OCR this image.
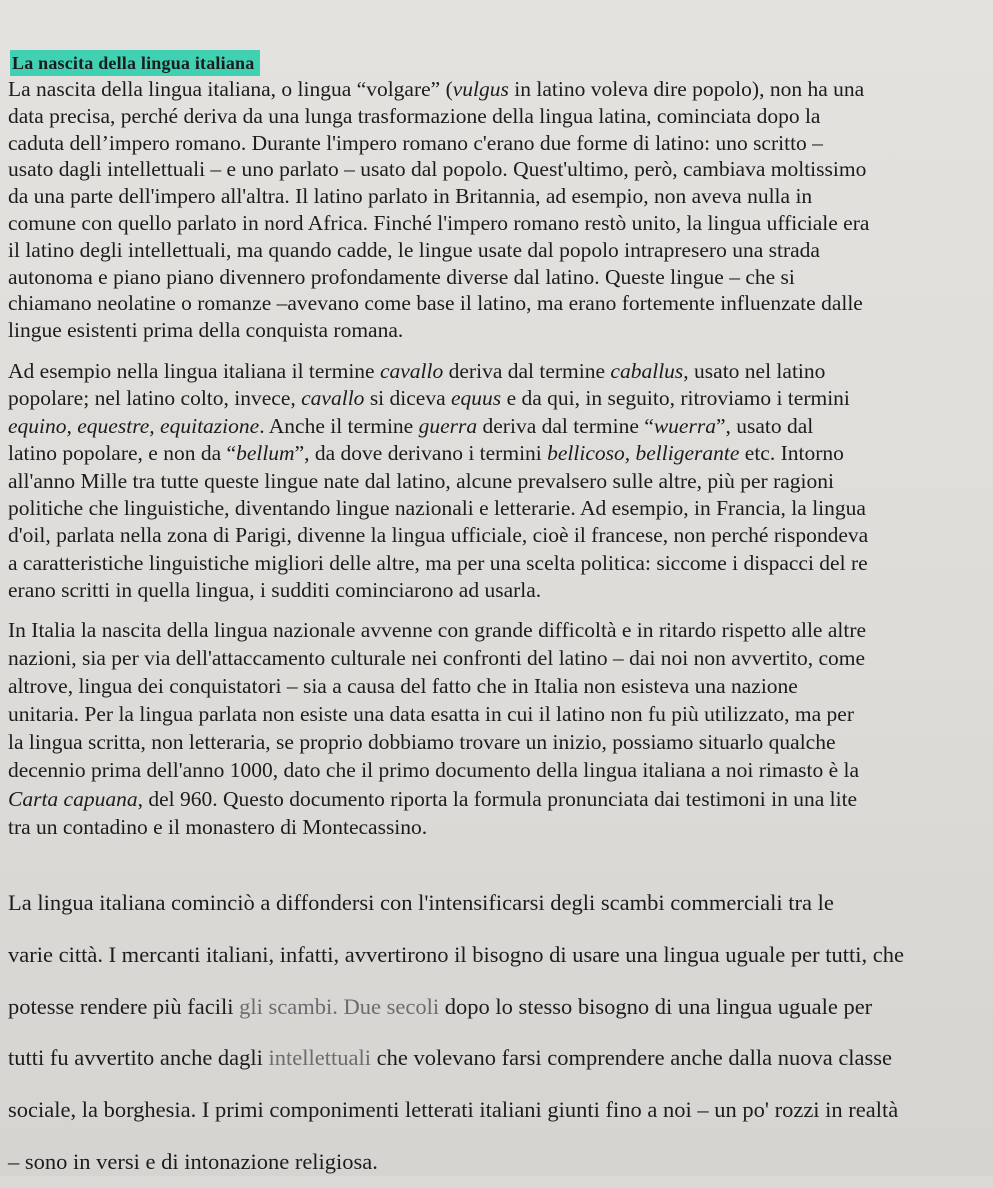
La nascita della lingua italiana
La nascita della lingua italiana, o lingua “volgare” (vulgus in latino voleva dire popolo), non ha una
data precisa, perché deriva da una lunga trasformazione della lingua latina, cominciata dopo la
caduta dell’impero romano. Durante l'impero romano c'erano due forme di latino: uno scritto –
usato dagli intellettuali – e uno parlato – usato dal popolo. Quest'ultimo, però, cambiava moltissimo
da una parte dell'impero all'altra. Il latino parlato in Britannia, ad esempio, non aveva nulla in
comune con quello parlato in nord Africa. Finché l'impero romano restò unito, la lingua ufficiale era
il latino degli intellettuali, ma quando cadde, le lingue usate dal popolo intrapresero una strada
autonoma e piano piano divennero profondamente diverse dal latino. Queste lingue – che si
chiamano neolatine o romanze –avevano come base il latino, ma erano fortemente influenzate dalle
lingue esistenti prima della conquista romana.
Ad esempio nella lingua italiana il termine cavallo deriva dal termine caballus, usato nel latino
popolare; nel latino colto, invece, cavallo si diceva equus e da qui, in seguito, ritroviamo i termini
equino, equestre, equitazione. Anche il termine guerra deriva dal termine “wuerra”, usato dal
latino popolare, e non da “bellum”, da dove derivano i termini bellicoso, belligerante etc. Intorno
all'anno Mille tra tutte queste lingue nate dal latino, alcune prevalsero sulle altre, più per ragioni
politiche che linguistiche, diventando lingue nazionali e letterarie. Ad esempio, in Francia, la lingua
d'oil, parlata nella zona di Parigi, divenne la lingua ufficiale, cioè il francese, non perché rispondeva
a caratteristiche linguistiche migliori delle altre, ma per una scelta politica: siccome i dispacci del re
erano scritti in quella lingua, i sudditi cominciarono ad usarla.
In Italia la nascita della lingua nazionale avvenne con grande difficoltà e in ritardo rispetto alle altre
nazioni, sia per via dell'attaccamento culturale nei confronti del latino – dai noi non avvertito, come
altrove, lingua dei conquistatori – sia a causa del fatto che in Italia non esisteva una nazione
unitaria. Per la lingua parlata non esiste una data esatta in cui il latino non fu più utilizzato, ma per
la lingua scritta, non letteraria, se proprio dobbiamo trovare un inizio, possiamo situarlo qualche
decennio prima dell'anno 1000, dato che il primo documento della lingua italiana a noi rimasto è la
Carta capuana, del 960. Questo documento riporta la formula pronunciata dai testimoni in una lite
tra un contadino e il monastero di Montecassino.
La lingua italiana cominciò a diffondersi con l'intensificarsi degli scambi commerciali tra le
varie città. I mercanti italiani, infatti, avvertirono il bisogno di usare una lingua uguale per tutti, che
potesse rendere più facili gli scambi. Due secoli dopo lo stesso bisogno di una lingua uguale per
tutti fu avvertito anche dagli intellettuali che volevano farsi comprendere anche dalla nuova classe
sociale, la borghesia. I primi componimenti letterati italiani giunti fino a noi – un po' rozzi in realtà
– sono in versi e di intonazione religiosa.
